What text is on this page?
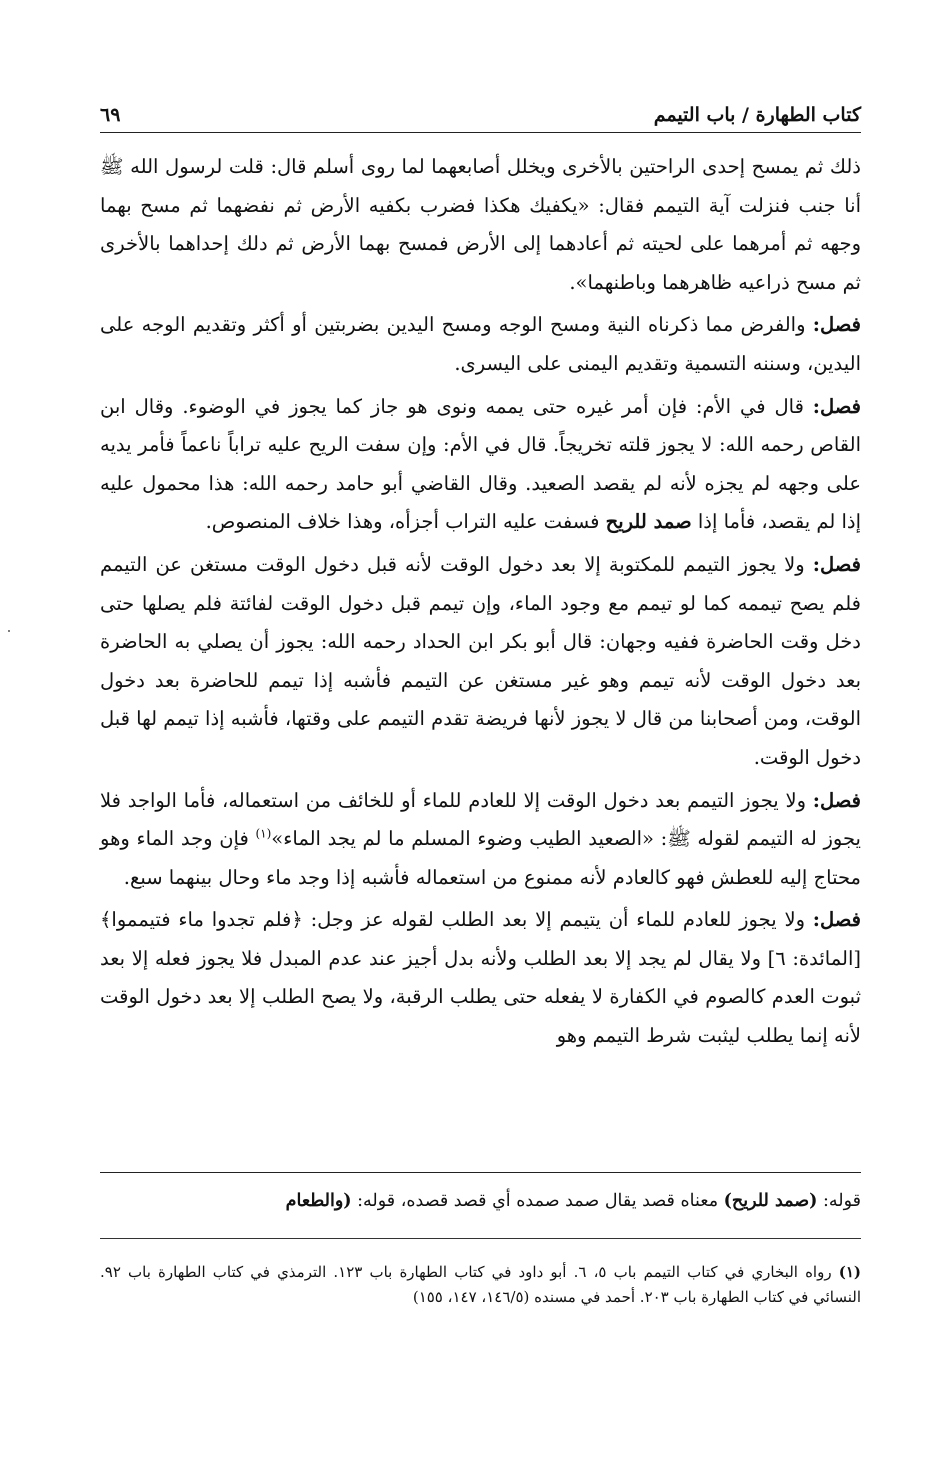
كتاب الطهارة / باب التيمم
٦٩

ذلك ثم يمسح إحدى الراحتين بالأخرى ويخلل أصابعهما لما روى أسلم قال: قلت لرسول الله ﷺ أنا جنب فنزلت آية التيمم فقال: «يكفيك هكذا فضرب بكفيه الأرض ثم نفضهما ثم مسح بهما وجهه ثم أمرهما على لحيته ثم أعادهما إلى الأرض فمسح بهما الأرض ثم دلك إحداهما بالأخرى ثم مسح ذراعيه ظاهرهما وباطنهما».

فصل: والفرض مما ذكرناه النية ومسح الوجه ومسح اليدين بضربتين أو أكثر وتقديم الوجه على اليدين، وسننه التسمية وتقديم اليمنى على اليسرى.

فصل: قال في الأم: فإن أمر غيره حتى يممه ونوى هو جاز كما يجوز في الوضوء. وقال ابن القاص رحمه الله: لا يجوز قلته تخريجاً. قال في الأم: وإن سفت الريح عليه تراباً ناعماً فأمر يديه على وجهه لم يجزه لأنه لم يقصد الصعيد. وقال القاضي أبو حامد رحمه الله: هذا محمول عليه إذا لم يقصد، فأما إذا صمد للريح فسفت عليه التراب أجزأه، وهذا خلاف المنصوص.

فصل: ولا يجوز التيمم للمكتوبة إلا بعد دخول الوقت لأنه قبل دخول الوقت مستغن عن التيمم فلم يصح تيممه كما لو تيمم مع وجود الماء، وإن تيمم قبل دخول الوقت لفائتة فلم يصلها حتى دخل وقت الحاضرة ففيه وجهان: قال أبو بكر ابن الحداد رحمه الله: يجوز أن يصلي به الحاضرة بعد دخول الوقت لأنه تيمم وهو غير مستغن عن التيمم فأشبه إذا تيمم للحاضرة بعد دخول الوقت، ومن أصحابنا من قال لا يجوز لأنها فريضة تقدم التيمم على وقتها، فأشبه إذا تيمم لها قبل دخول الوقت.

فصل: ولا يجوز التيمم بعد دخول الوقت إلا للعادم للماء أو للخائف من استعماله، فأما الواجد فلا يجوز له التيمم لقوله ﷺ: «الصعيد الطيب وضوء المسلم ما لم يجد الماء»$^{(١)}$ فإن وجد الماء وهو محتاج إليه للعطش فهو كالعادم لأنه ممنوع من استعماله فأشبه إذا وجد ماء وحال بينهما سبع.

فصل: ولا يجوز للعادم للماء أن يتيمم إلا بعد الطلب لقوله عز وجل: ﴿فلم تجدوا ماء فتيمموا﴾ [المائدة: ٦] ولا يقال لم يجد إلا بعد الطلب ولأنه بدل أجيز عند عدم المبدل فلا يجوز فعله إلا بعد ثبوت العدم كالصوم في الكفارة لا يفعله حتى يطلب الرقبة، ولا يصح الطلب إلا بعد دخول الوقت لأنه إنما يطلب ليثبت شرط التيمم وهو

قوله: (صمد للريح) معناه قصد يقال صمد صمده أي قصد قصده، قوله: (والطعام
(١) رواه البخاري في كتاب التيمم باب ٥، ٦. أبو داود في كتاب الطهارة باب ١٢٣. الترمذي في كتاب الطهارة باب ٩٢. النسائي في كتاب الطهارة باب ٢٠٣. أحمد في مسنده (١٤٦/٥، ١٤٧، ١٥٥)
